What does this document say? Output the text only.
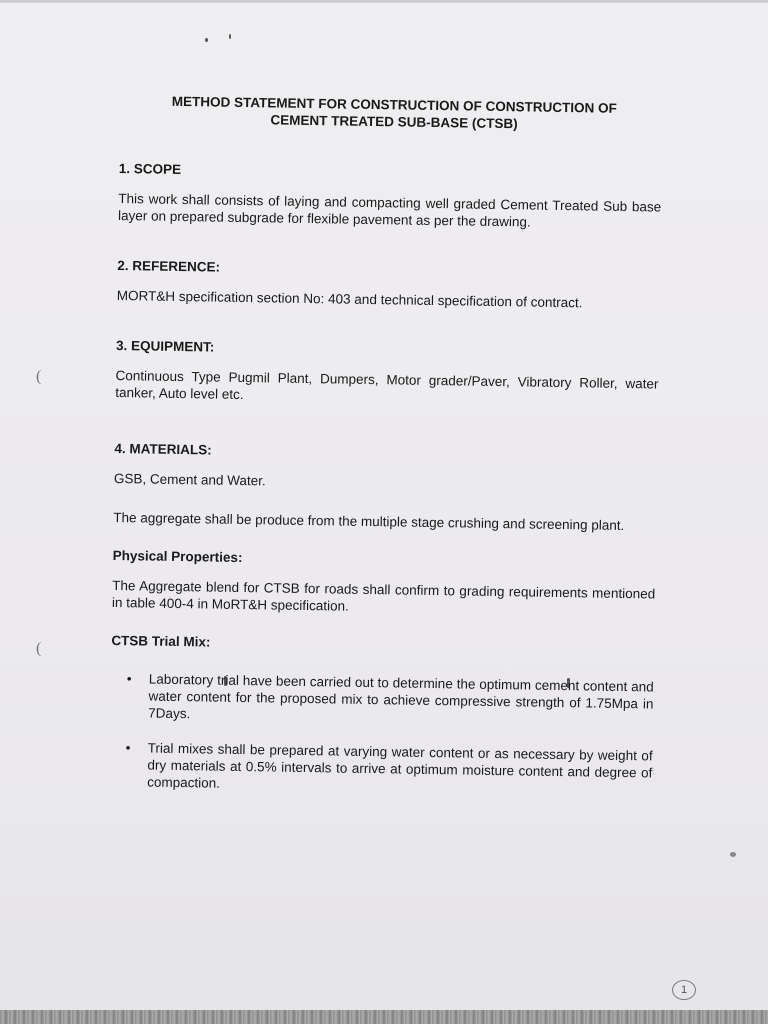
(
(
METHOD STATEMENT FOR CONSTRUCTION OF CONSTRUCTION OF
CEMENT TREATED SUB-BASE (CTSB)
1. SCOPE

This work shall consists of laying and compacting well graded Cement Treated Sub base layer on prepared subgrade for flexible pavement as per the drawing.

2. REFERENCE:

MORT&H specification section No: 403 and technical specification of contract.

3. EQUIPMENT:

Continuous Type Pugmil Plant, Dumpers, Motor grader/Paver, Vibratory Roller, water tanker, Auto level etc.

4. MATERIALS:

GSB, Cement and Water.

The aggregate shall be produce from the multiple stage crushing and screening plant.

Physical Properties:

The Aggregate blend for CTSB for roads shall confirm to grading requirements mentioned in table 400-4 in MoRT&H specification.

CTSB Trial Mix:
• Laboratory trial have been carried out to determine the optimum cement content and water content for the proposed mix to achieve compressive strength of 1.75Mpa in 7Days.
• Trial mixes shall be prepared at varying water content or as necessary by weight of dry materials at 0.5% intervals to arrive at optimum moisture content and degree of compaction.
1
